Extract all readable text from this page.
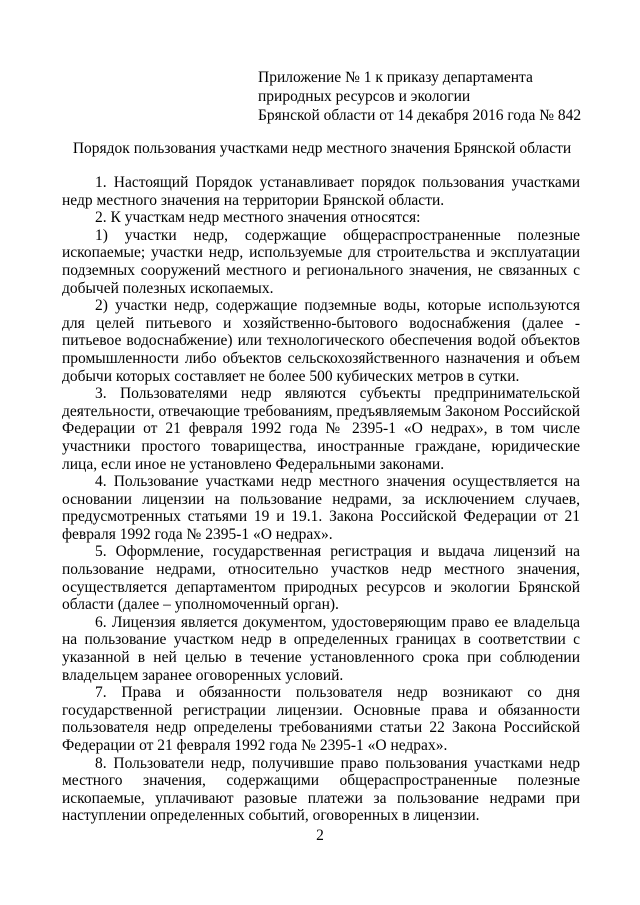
Приложение № 1 к приказу департамента
природных ресурсов и экологии
Брянской области от 14 декабря 2016 года № 842
Порядок пользования участками недр местного значения Брянской области

1. Настоящий Порядок устанавливает порядок пользования участками недр местного значения на территории Брянской области.

2. К участкам недр местного значения относятся:

1) участки недр, содержащие общераспространенные полезные ископаемые; участки недр, используемые для строительства и эксплуатации подземных сооружений местного и регионального значения, не связанных с добычей полезных ископаемых.

2) участки недр, содержащие подземные воды, которые используются для целей питьевого и хозяйственно-бытового водоснабжения (далее - питьевое водоснабжение) или технологического обеспечения водой объектов промышленности либо объектов сельскохозяйственного назначения и объем добычи которых составляет не более 500 кубических метров в сутки.

3. Пользователями недр являются субъекты предпринимательской деятельности, отвечающие требованиям, предъявляемым Законом Российской Федерации от 21 февраля 1992 года № 2395-1 «О недрах», в том числе участники простого товарищества, иностранные граждане, юридические лица, если иное не установлено Федеральными законами.

4. Пользование участками недр местного значения осуществляется на основании лицензии на пользование недрами, за исключением случаев, предусмотренных статьями 19 и 19.1. Закона Российской Федерации от 21 февраля 1992 года № 2395-1 «О недрах».

5. Оформление, государственная регистрация и выдача лицензий на пользование недрами, относительно участков недр местного значения, осуществляется департаментом природных ресурсов и экологии Брянской области (далее – уполномоченный орган).

6. Лицензия является документом, удостоверяющим право ее владельца на пользование участком недр в определенных границах в соответствии с указанной в ней целью в течение установленного срока при соблюдении владельцем заранее оговоренных условий.

7. Права и обязанности пользователя недр возникают со дня государственной регистрации лицензии. Основные права и обязанности пользователя недр определены требованиями статьи 22 Закона Российской Федерации от 21 февраля 1992 года № 2395-1 «О недрах».

8. Пользователи недр, получившие право пользования участками недр местного значения, содержащими общераспространенные полезные ископаемые, уплачивают разовые платежи за пользование недрами при наступлении определенных событий, оговоренных в лицензии.

2
